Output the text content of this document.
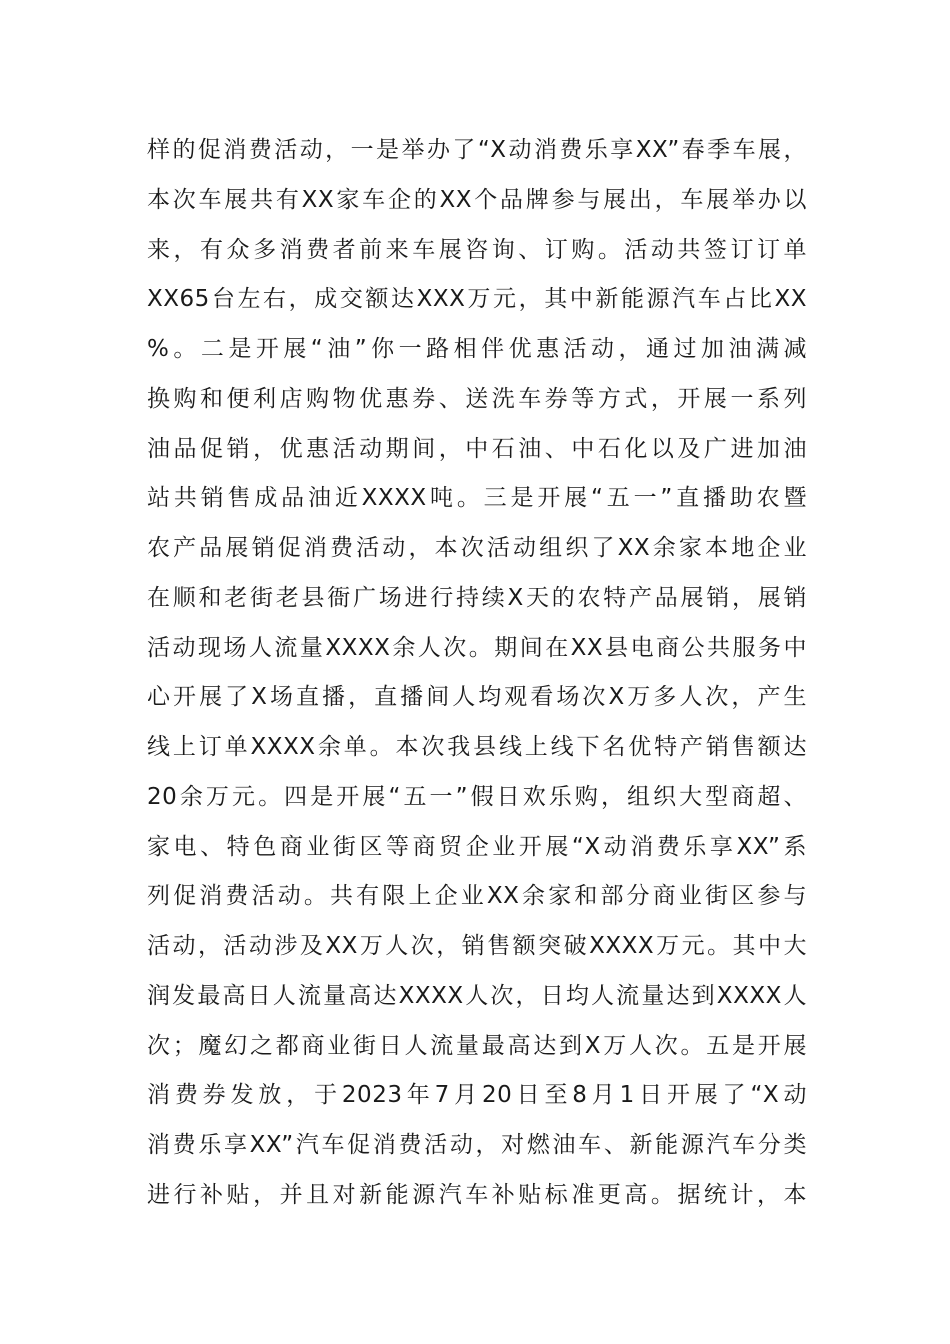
样的促消费活动，一是举办了“X动消费乐享XX”春季车展，
本次车展共有XX家车企的XX个品牌参与展出，车展举办以
来，有众多消费者前来车展咨询、订购。活动共签订订单
XX65台左右，成交额达XXX万元，其中新能源汽车占比XX
%。二是开展“油”你一路相伴优惠活动，通过加油满减
换购和便利店购物优惠券、送洗车券等方式，开展一系列
油品促销，优惠活动期间，中石油、中石化以及广进加油
站共销售成品油近XXXX吨。三是开展“五一”直播助农暨
农产品展销促消费活动，本次活动组织了XX余家本地企业
在顺和老街老县衙广场进行持续X天的农特产品展销，展销
活动现场人流量XXXX余人次。期间在XX县电商公共服务中
心开展了X场直播，直播间人均观看场次X万多人次，产生
线上订单XXXX余单。本次我县线上线下名优特产销售额达
20余万元。四是开展“五一”假日欢乐购，组织大型商超、
家电、特色商业街区等商贸企业开展“X动消费乐享XX”系
列促消费活动。共有限上企业XX余家和部分商业街区参与
活动，活动涉及XX万人次，销售额突破XXXX万元。其中大
润发最高日人流量高达XXXX人次，日均人流量达到XXXX人
次；魔幻之都商业街日人流量最高达到X万人次。五是开展
消费券发放，于2023年7月20日至8月1日开展了“X动
消费乐享XX”汽车促消费活动，对燃油车、新能源汽车分类
进行补贴，并且对新能源汽车补贴标准更高。据统计，本
